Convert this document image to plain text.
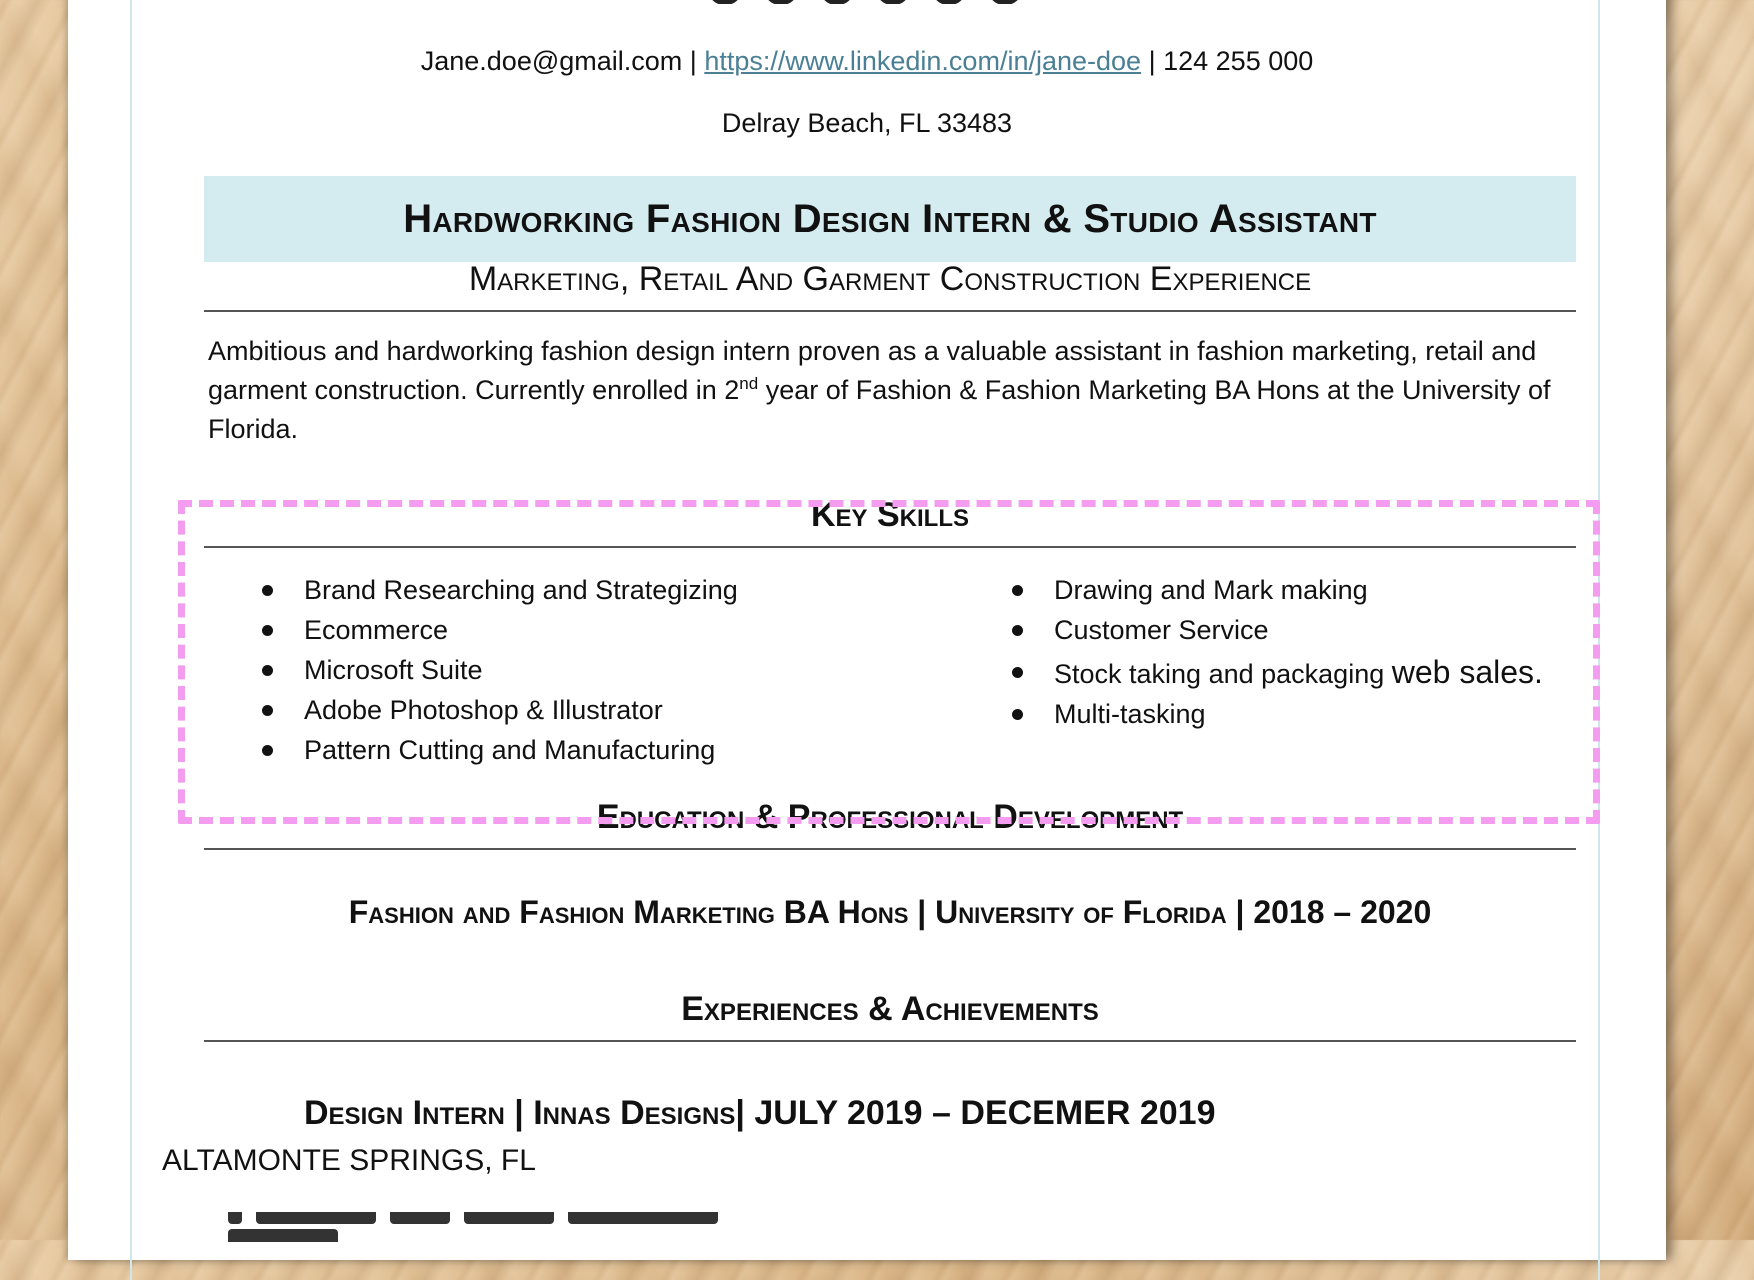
Jane.doe@gmail.com | https://www.linkedin.com/in/jane-doe | 124 255 000
Delray Beach, FL 33483
Hardworking Fashion Design Intern & Studio Assistant
Marketing, Retail And Garment Construction Experience
Ambitious and hardworking fashion design intern proven as a valuable assistant in fashion marketing, retail and garment construction. Currently enrolled in 2nd year of Fashion & Fashion Marketing BA Hons at the University of Florida.
Key Skills
Brand Researching and Strategizing
Ecommerce
Microsoft Suite
Adobe Photoshop & Illustrator
Pattern Cutting and Manufacturing
Drawing and Mark making
Customer Service
Stock taking and packaging web sales.
Multi-tasking
Education & Professional Development
Fashion and Fashion Marketing BA Hons | University of Florida | 2018 – 2020
Experiences & Achievements
Design Intern | Innas Designs| JULY 2019 – DECEMER 2019
ALTAMONTE SPRINGS, FL
